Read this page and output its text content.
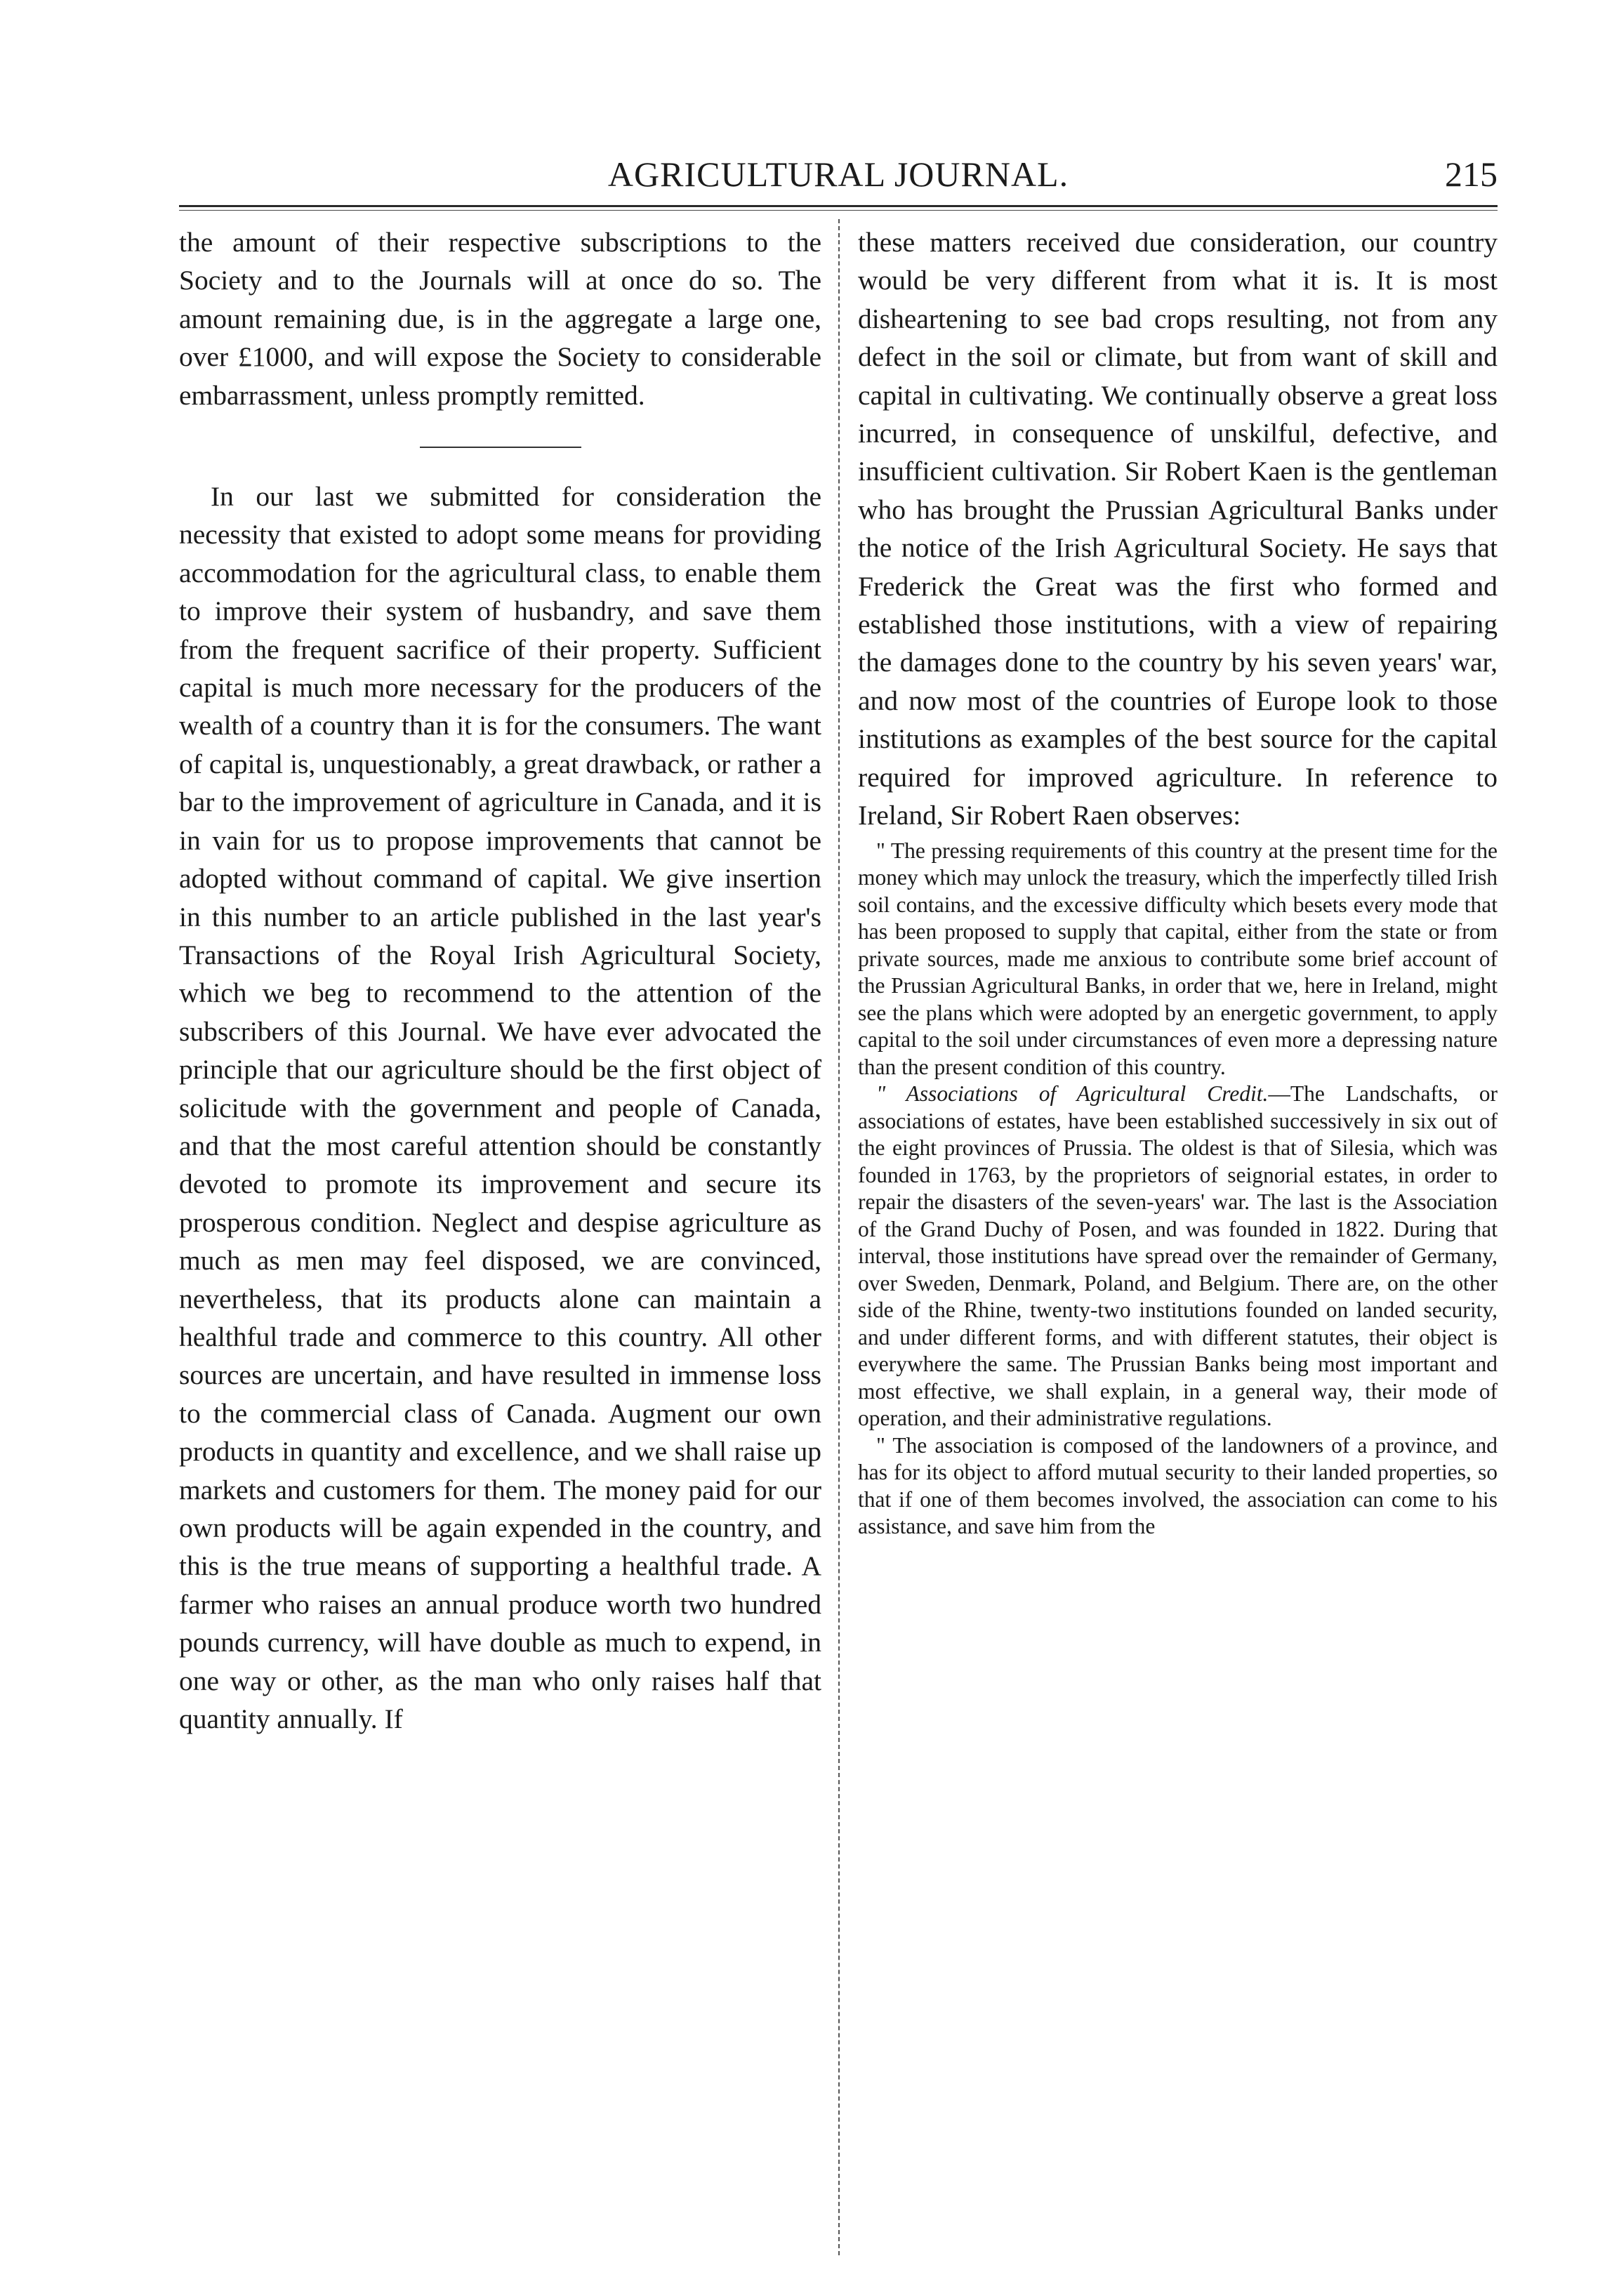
AGRICULTURAL JOURNAL.	215

the amount of their respective subscriptions to the Society and to the Journals will at once do so. The amount remaining due, is in the aggregate a large one, over £1000, and will expose the Society to considerable embarrassment, unless promptly remitted.

In our last we submitted for consideration the necessity that existed to adopt some means for providing accommodation for the agricultural class, to enable them to improve their system of husbandry, and save them from the frequent sacrifice of their property. Sufficient capital is much more necessary for the producers of the wealth of a country than it is for the consumers. The want of capital is, unquestionably, a great drawback, or rather a bar to the improvement of agriculture in Canada, and it is in vain for us to propose improvements that cannot be adopted without command of capital. We give insertion in this number to an article published in the last year's Transactions of the Royal Irish Agricultural Society, which we beg to recommend to the attention of the subscribers of this Journal. We have ever advocated the principle that our agriculture should be the first object of solicitude with the government and people of Canada, and that the most careful attention should be constantly devoted to promote its improvement and secure its prosperous condition. Neglect and despise agriculture as much as men may feel disposed, we are convinced, nevertheless, that its products alone can maintain a healthful trade and commerce to this country. All other sources are uncertain, and have resulted in immense loss to the commercial class of Canada. Augment our own products in quantity and excellence, and we shall raise up markets and customers for them. The money paid for our own products will be again expended in the country, and this is the true means of supporting a healthful trade. A farmer who raises an annual produce worth two hundred pounds currency, will have double as much to expend, in one way or other, as the man who only raises half that quantity annually. If

these matters received due consideration, our country would be very different from what it is. It is most disheartening to see bad crops resulting, not from any defect in the soil or climate, but from want of skill and capital in cultivating. We continually observe a great loss incurred, in consequence of unskilful, defective, and insufficient cultivation. Sir Robert Kaen is the gentleman who has brought the Prussian Agricultural Banks under the notice of the Irish Agricultural Society. He says that Frederick the Great was the first who formed and established those institutions, with a view of repairing the damages done to the country by his seven years' war, and now most of the countries of Europe look to those institutions as examples of the best source for the capital required for improved agriculture. In reference to Ireland, Sir Robert Raen observes:

" The pressing requirements of this country at the present time for the money which may unlock the treasury, which the imperfectly tilled Irish soil contains, and the excessive difficulty which besets every mode that has been proposed to supply that capital, either from the state or from private sources, made me anxious to contribute some brief account of the Prussian Agricultural Banks, in order that we, here in Ireland, might see the plans which were adopted by an energetic government, to apply capital to the soil under circumstances of even more a depressing nature than the present condition of this country.

" Associations of Agricultural Credit.—The Landschafts, or associations of estates, have been established successively in six out of the eight provinces of Prussia. The oldest is that of Silesia, which was founded in 1763, by the proprietors of seignorial estates, in order to repair the disasters of the seven-years' war. The last is the Association of the Grand Duchy of Posen, and was founded in 1822. During that interval, those institutions have spread over the remainder of Germany, over Sweden, Denmark, Poland, and Belgium. There are, on the other side of the Rhine, twenty-two institutions founded on landed security, and under different forms, and with different statutes, their object is everywhere the same. The Prussian Banks being most important and most effective, we shall explain, in a general way, their mode of operation, and their administrative regulations.

" The association is composed of the landowners of a province, and has for its object to afford mutual security to their landed properties, so that if one of them becomes involved, the association can come to his assistance, and save him from the
